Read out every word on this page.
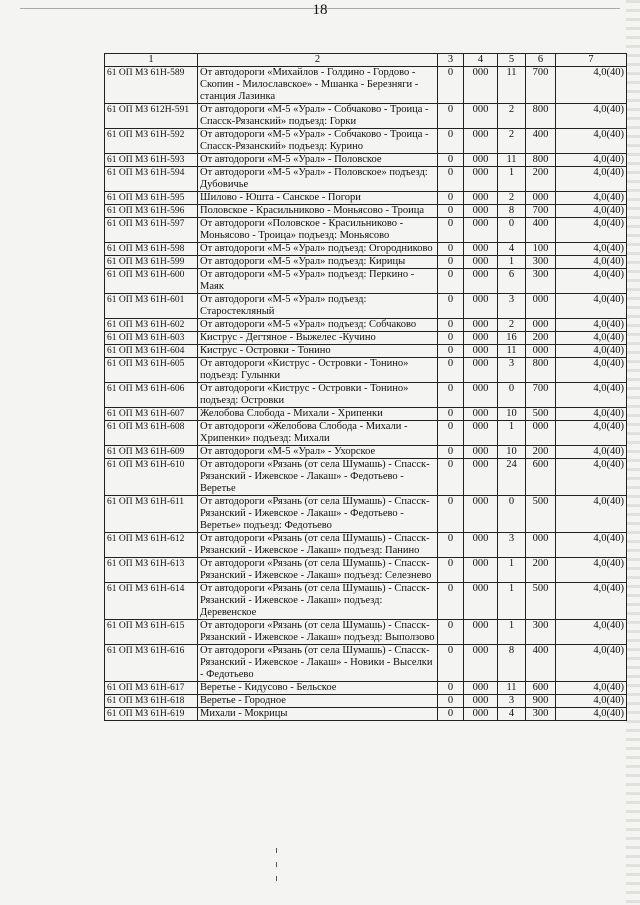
18
1	2	3	4	5	6	7
61 ОП МЗ 61Н-589	От автодороги «Михайлов - Голдино - Гордово - Скопин - Милославское» - Мшанка - Березняги - станция Лазинка	0	000	11	700	4,0(40)
61 ОП МЗ 612Н-591	От автодороги «М-5 «Урал» - Собчаково - Троица - Спасск-Рязанский» подъезд: Горки	0	000	2	800	4,0(40)
61 ОП МЗ 61Н-592	От автодороги «М-5 «Урал» - Собчаково - Троица - Спасск-Рязанский» подъезд: Курино	0	000	2	400	4,0(40)
61 ОП МЗ 61Н-593	От автодороги «М-5 «Урал» - Половское	0	000	11	800	4,0(40)
61 ОП МЗ 61Н-594	От автодороги «М-5 «Урал» - Половское» подъезд: Дубовичье	0	000	1	200	4,0(40)
61 ОП МЗ 61Н-595	Шилово - Юшта - Санское - Погори	0	000	2	000	4,0(40)
61 ОП МЗ 61Н-596	Половское - Красильниково - Моньясово - Троица	0	000	8	700	4,0(40)
61 ОП МЗ 61Н-597	От автодороги «Половское - Красильниково - Моньясово - Троица» подъезд: Моньясово	0	000	0	400	4,0(40)
61 ОП МЗ 61Н-598	От автодороги «М-5 «Урал» подъезд: Огородниково	0	000	4	100	4,0(40)
61 ОП МЗ 61Н-599	От автодороги «М-5 «Урал» подъезд: Кирицы	0	000	1	300	4,0(40)
61 ОП МЗ 61Н-600	От автодороги «М-5 «Урал» подъезд: Перкино - Маяк	0	000	6	300	4,0(40)
61 ОП МЗ 61Н-601	От автодороги «М-5 «Урал» подъезд: Старостекляный	0	000	3	000	4,0(40)
61 ОП МЗ 61Н-602	От автодороги «М-5 «Урал» подъезд: Собчаково	0	000	2	000	4,0(40)
61 ОП МЗ 61Н-603	Киструс - Дегтяное - Выжелес -Кучино	0	000	16	200	4,0(40)
61 ОП МЗ 61Н-604	Киструс - Островки - Тонино	0	000	11	000	4,0(40)
61 ОП МЗ 61Н-605	От автодороги «Киструс - Островки - Тонино» подъезд: Гулынки	0	000	3	800	4,0(40)
61 ОП МЗ 61Н-606	От автодороги «Киструс - Островки - Тонино» подъезд: Островки	0	000	0	700	4,0(40)
61 ОП МЗ 61Н-607	Желобова Слобода - Михали - Хрипенки	0	000	10	500	4,0(40)
61 ОП МЗ 61Н-608	От автодороги «Желобова Слобода - Михали - Хрипенки» подъезд: Михали	0	000	1	000	4,0(40)
61 ОП МЗ 61Н-609	От автодороги «М-5 «Урал» - Ухорское	0	000	10	200	4,0(40)
61 ОП МЗ 61Н-610	От автодороги «Рязань (от села Шумашь) - Спасск-Рязанский - Ижевское - Лакаш» - Федотьево - Веретье	0	000	24	600	4,0(40)
61 ОП МЗ 61Н-611	От автодороги «Рязань (от села Шумашь) - Спасск-Рязанский - Ижевское - Лакаш» - Федотьево - Веретье» подъезд: Федотьево	0	000	0	500	4,0(40)
61 ОП МЗ 61Н-612	От автодороги «Рязань (от села Шумашь) - Спасск-Рязанский - Ижевское - Лакаш» подъезд: Панино	0	000	3	000	4,0(40)
61 ОП МЗ 61Н-613	От автодороги «Рязань (от села Шумашь) - Спасск-Рязанский - Ижевское - Лакаш» подъезд: Селезнево	0	000	1	200	4,0(40)
61 ОП МЗ 61Н-614	От автодороги «Рязань (от села Шумашь) - Спасск-Рязанский - Ижевское - Лакаш» подъезд: Деревенское	0	000	1	500	4,0(40)
61 ОП МЗ 61Н-615	От автодороги «Рязань (от села Шумашь) - Спасск-Рязанский - Ижевское - Лакаш» подъезд: Выползово	0	000	1	300	4,0(40)
61 ОП МЗ 61Н-616	От автодороги «Рязань (от села Шумашь) - Спасск-Рязанский - Ижевское - Лакаш» - Новики - Выселки - Федотьево	0	000	8	400	4,0(40)
61 ОП МЗ 61Н-617	Веретье - Кидусово - Бельское	0	000	11	600	4,0(40)
61 ОП МЗ 61Н-618	Веретье - Городное	0	000	3	900	4,0(40)
61 ОП МЗ 61Н-619	Михали - Мокрицы	0	000	4	300	4,0(40)
